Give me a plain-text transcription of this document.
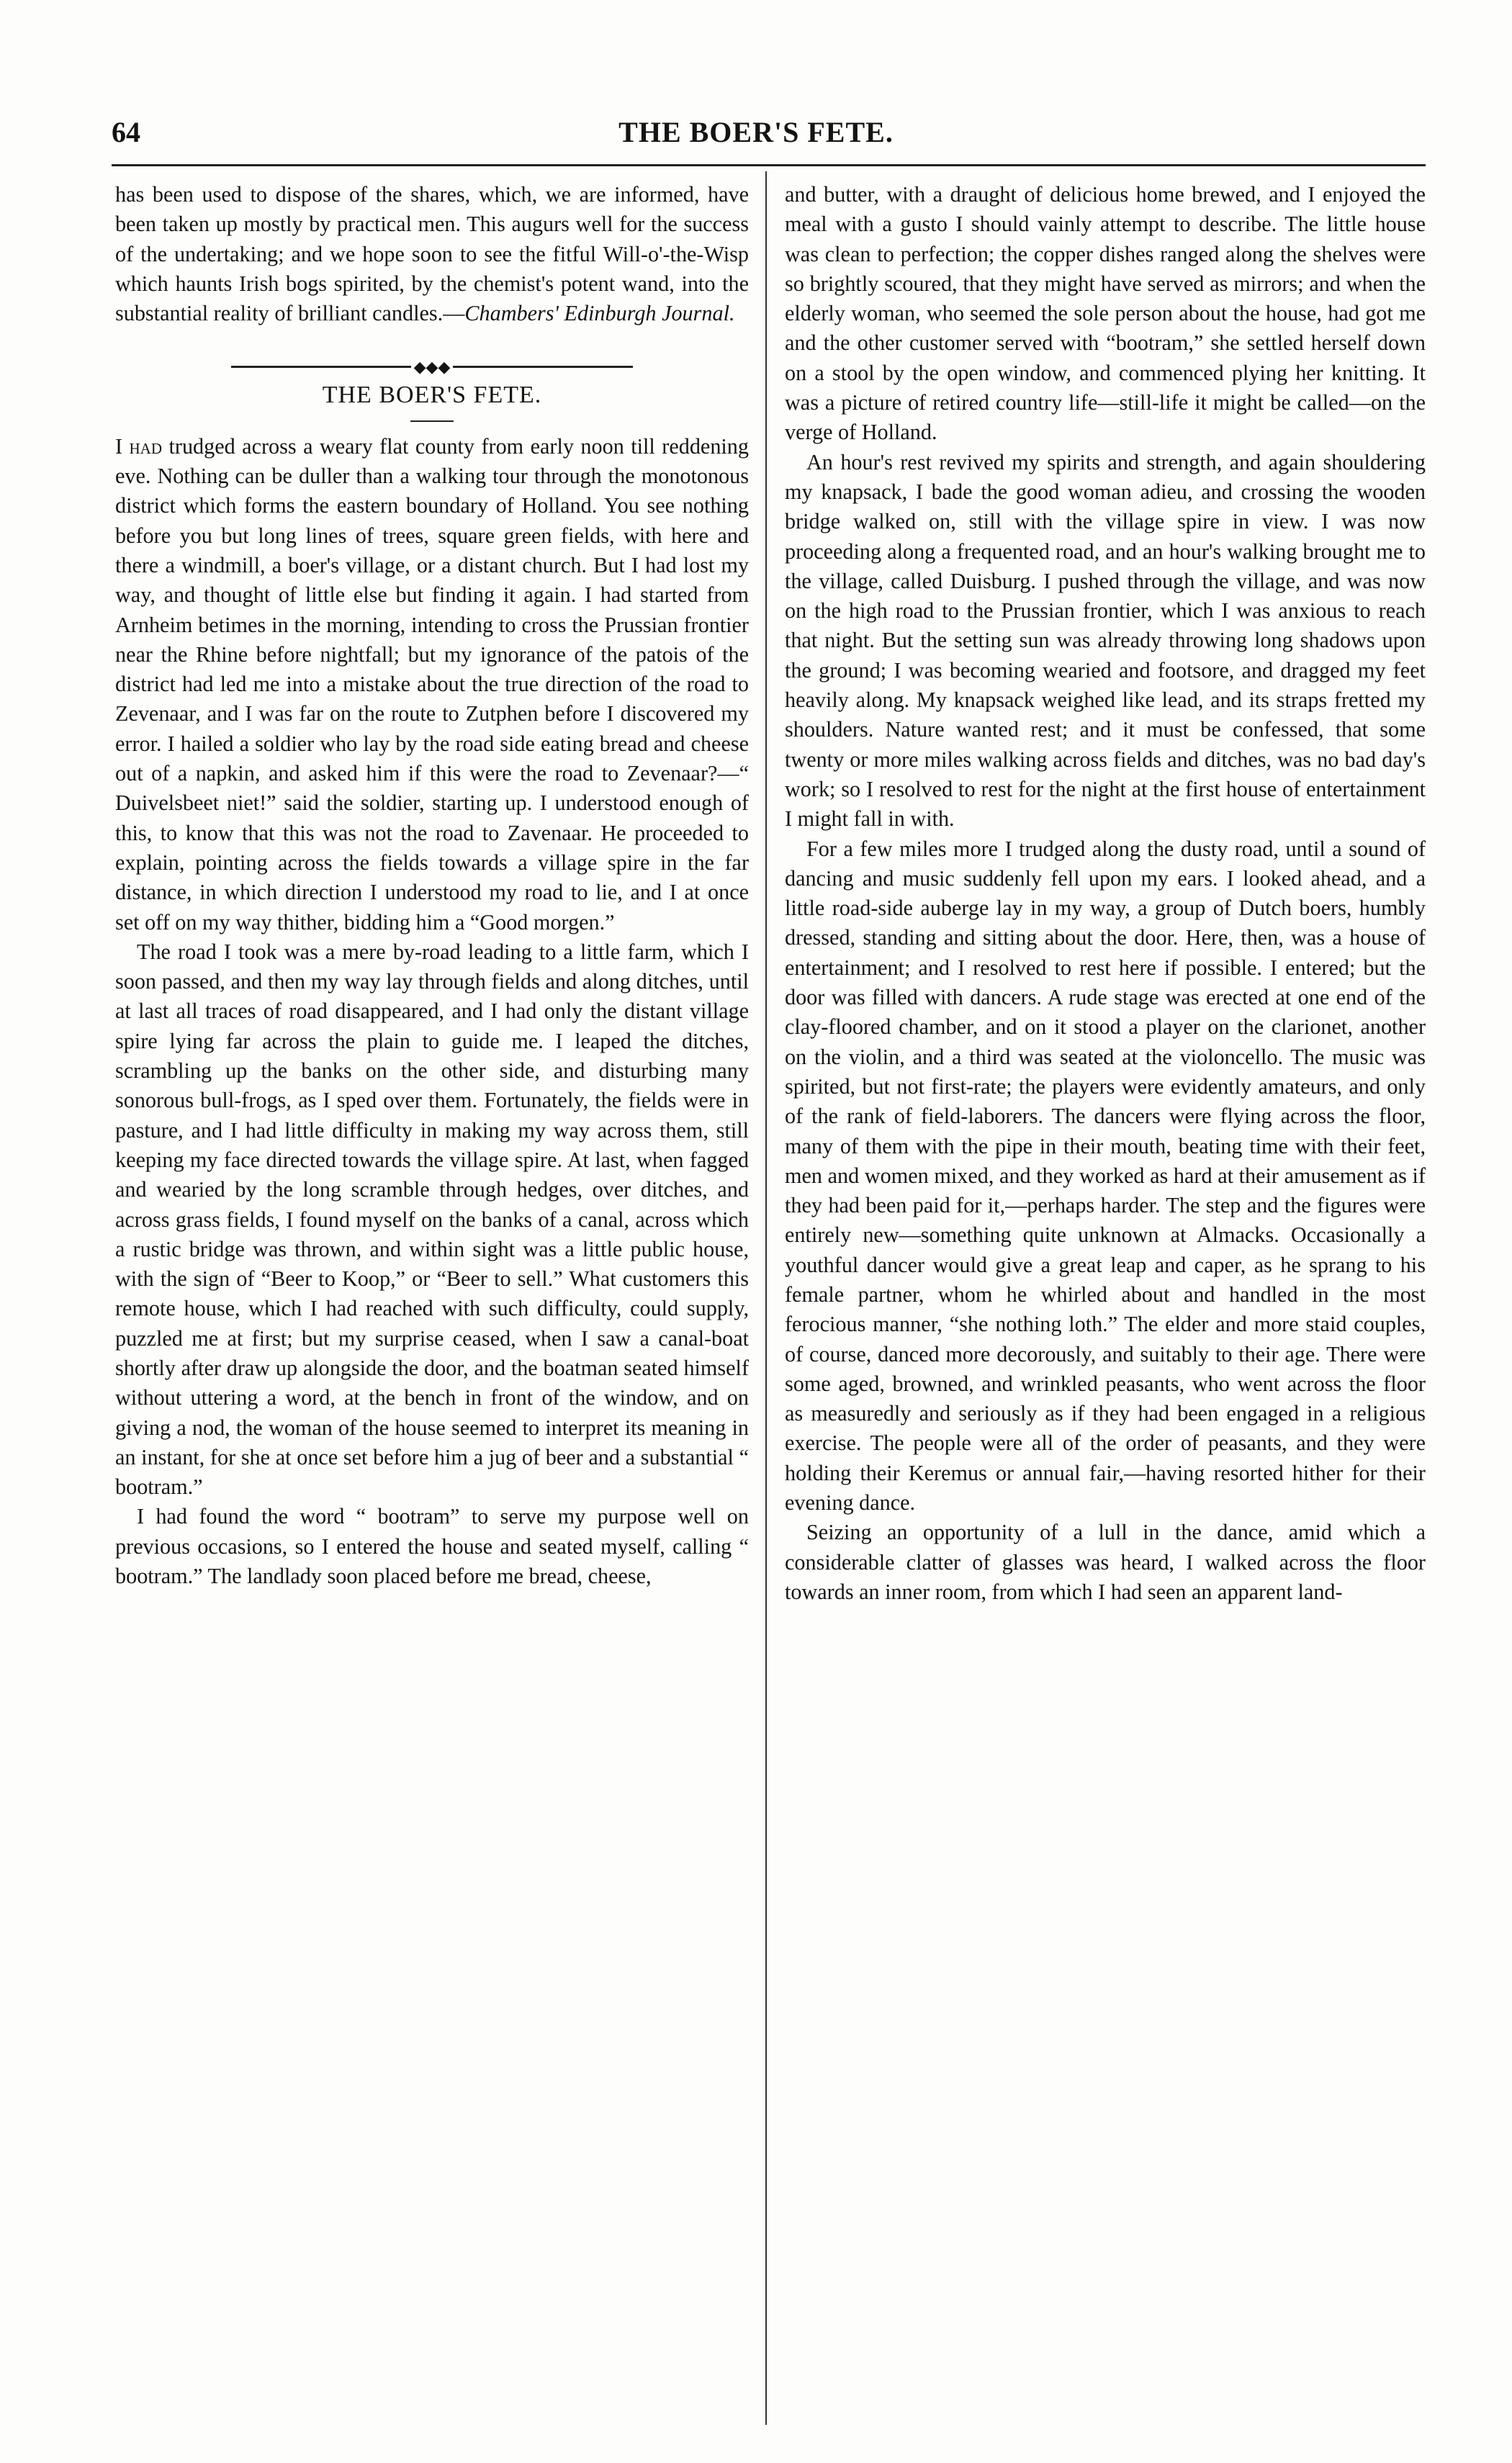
64	THE BOER'S FETE.

has been used to dispose of the shares, which, we are informed, have been taken up mostly by practical men. This augurs well for the success of the undertaking; and we hope soon to see the fitful Will-o'-the-Wisp which haunts Irish bogs spirited, by the chemist's potent wand, into the substantial reality of brilliant candles.—Chambers' Edinburgh Journal.

◆◆◆
THE BOER'S FETE.

I had trudged across a weary flat county from early noon till reddening eve. Nothing can be duller than a walking tour through the monotonous district which forms the eastern boundary of Holland. You see nothing before you but long lines of trees, square green fields, with here and there a windmill, a boer's village, or a distant church. But I had lost my way, and thought of little else but finding it again. I had started from Arnheim betimes in the morning, intending to cross the Prussian frontier near the Rhine before nightfall; but my ignorance of the patois of the district had led me into a mistake about the true direction of the road to Zevenaar, and I was far on the route to Zutphen before I discovered my error. I hailed a soldier who lay by the road side eating bread and cheese out of a napkin, and asked him if this were the road to Zevenaar?—“ Duivelsbeet niet!” said the soldier, starting up. I understood enough of this, to know that this was not the road to Zavenaar. He proceeded to explain, pointing across the fields towards a village spire in the far distance, in which direction I understood my road to lie, and I at once set off on my way thither, bidding him a “Good morgen.”

The road I took was a mere by-road leading to a little farm, which I soon passed, and then my way lay through fields and along ditches, until at last all traces of road disappeared, and I had only the distant village spire lying far across the plain to guide me. I leaped the ditches, scrambling up the banks on the other side, and disturbing many sonorous bull-frogs, as I sped over them. Fortunately, the fields were in pasture, and I had little difficulty in making my way across them, still keeping my face directed towards the village spire. At last, when fagged and wearied by the long scramble through hedges, over ditches, and across grass fields, I found myself on the banks of a canal, across which a rustic bridge was thrown, and within sight was a little public house, with the sign of “Beer to Koop,” or “Beer to sell.” What customers this remote house, which I had reached with such difficulty, could supply, puzzled me at first; but my surprise ceased, when I saw a canal-boat shortly after draw up alongside the door, and the boatman seated himself without uttering a word, at the bench in front of the window, and on giving a nod, the woman of the house seemed to interpret its meaning in an instant, for she at once set before him a jug of beer and a substantial “ bootram.”

I had found the word “ bootram” to serve my purpose well on previous occasions, so I entered the house and seated myself, calling “ bootram.” The landlady soon placed before me bread, cheese,

and butter, with a draught of delicious home brewed, and I enjoyed the meal with a gusto I should vainly attempt to describe. The little house was clean to perfection; the copper dishes ranged along the shelves were so brightly scoured, that they might have served as mirrors; and when the elderly woman, who seemed the sole person about the house, had got me and the other customer served with “bootram,” she settled herself down on a stool by the open window, and commenced plying her knitting. It was a picture of retired country life—still-life it might be called—on the verge of Holland.

An hour's rest revived my spirits and strength, and again shouldering my knapsack, I bade the good woman adieu, and crossing the wooden bridge walked on, still with the village spire in view. I was now proceeding along a frequented road, and an hour's walking brought me to the village, called Duisburg. I pushed through the village, and was now on the high road to the Prussian frontier, which I was anxious to reach that night. But the setting sun was already throwing long shadows upon the ground; I was becoming wearied and footsore, and dragged my feet heavily along. My knapsack weighed like lead, and its straps fretted my shoulders. Nature wanted rest; and it must be confessed, that some twenty or more miles walking across fields and ditches, was no bad day's work; so I resolved to rest for the night at the first house of entertainment I might fall in with.

For a few miles more I trudged along the dusty road, until a sound of dancing and music suddenly fell upon my ears. I looked ahead, and a little road-side auberge lay in my way, a group of Dutch boers, humbly dressed, standing and sitting about the door. Here, then, was a house of entertainment; and I resolved to rest here if possible. I entered; but the door was filled with dancers. A rude stage was erected at one end of the clay-floored chamber, and on it stood a player on the clarionet, another on the violin, and a third was seated at the violoncello. The music was spirited, but not first-rate; the players were evidently amateurs, and only of the rank of field-laborers. The dancers were flying across the floor, many of them with the pipe in their mouth, beating time with their feet, men and women mixed, and they worked as hard at their amusement as if they had been paid for it,—perhaps harder. The step and the figures were entirely new—something quite unknown at Almacks. Occasionally a youthful dancer would give a great leap and caper, as he sprang to his female partner, whom he whirled about and handled in the most ferocious manner, “she nothing loth.” The elder and more staid couples, of course, danced more decorously, and suitably to their age. There were some aged, browned, and wrinkled peasants, who went across the floor as measuredly and seriously as if they had been engaged in a religious exercise. The people were all of the order of peasants, and they were holding their Keremus or annual fair,—having resorted hither for their evening dance.

Seizing an opportunity of a lull in the dance, amid which a considerable clatter of glasses was heard, I walked across the floor towards an inner room, from which I had seen an apparent land-
